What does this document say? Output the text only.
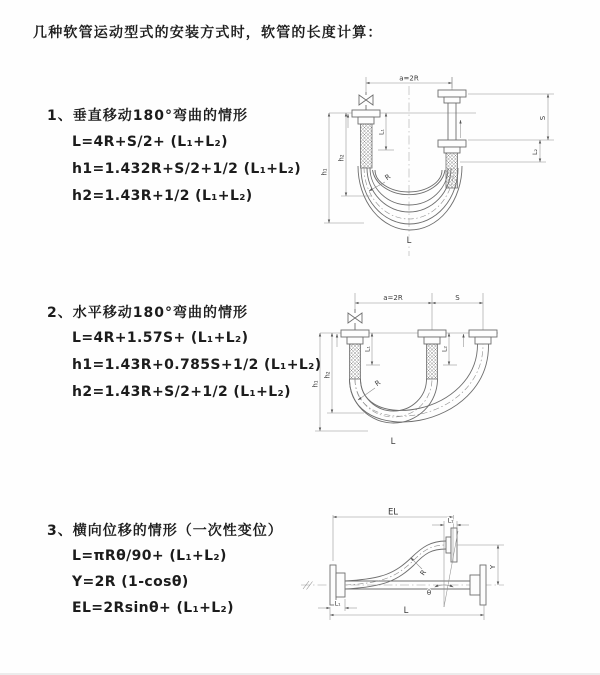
几种软管运动型式的安装方式时，软管的长度计算：
1、垂直移动180°弯曲的情形
L=4R+S/2+ (L₁+L₂)
h1=1.432R+S/2+1/2 (L₁+L₂)
h2=1.43R+1/2 (L₁+L₂)
a=2R
h₁
h₂
L₁
S
L₂
R
L
2、水平移动180°弯曲的情形
L=4R+1.57S+ (L₁+L₂)
h1=1.43R+0.785S+1/2 (L₁+L₂)
h2=1.43R+S/2+1/2 (L₁+L₂)
a=2R	S
h₁
h₂
L₁	L₂
R
L
3、横向位移的情形（一次性变位）
L=πRθ/90+ (L₁+L₂)
Y=2R (1-cosθ)
EL=2Rsinθ+ (L₁+L₂)
EL
L₁
θ
R
Y
L
L₁
